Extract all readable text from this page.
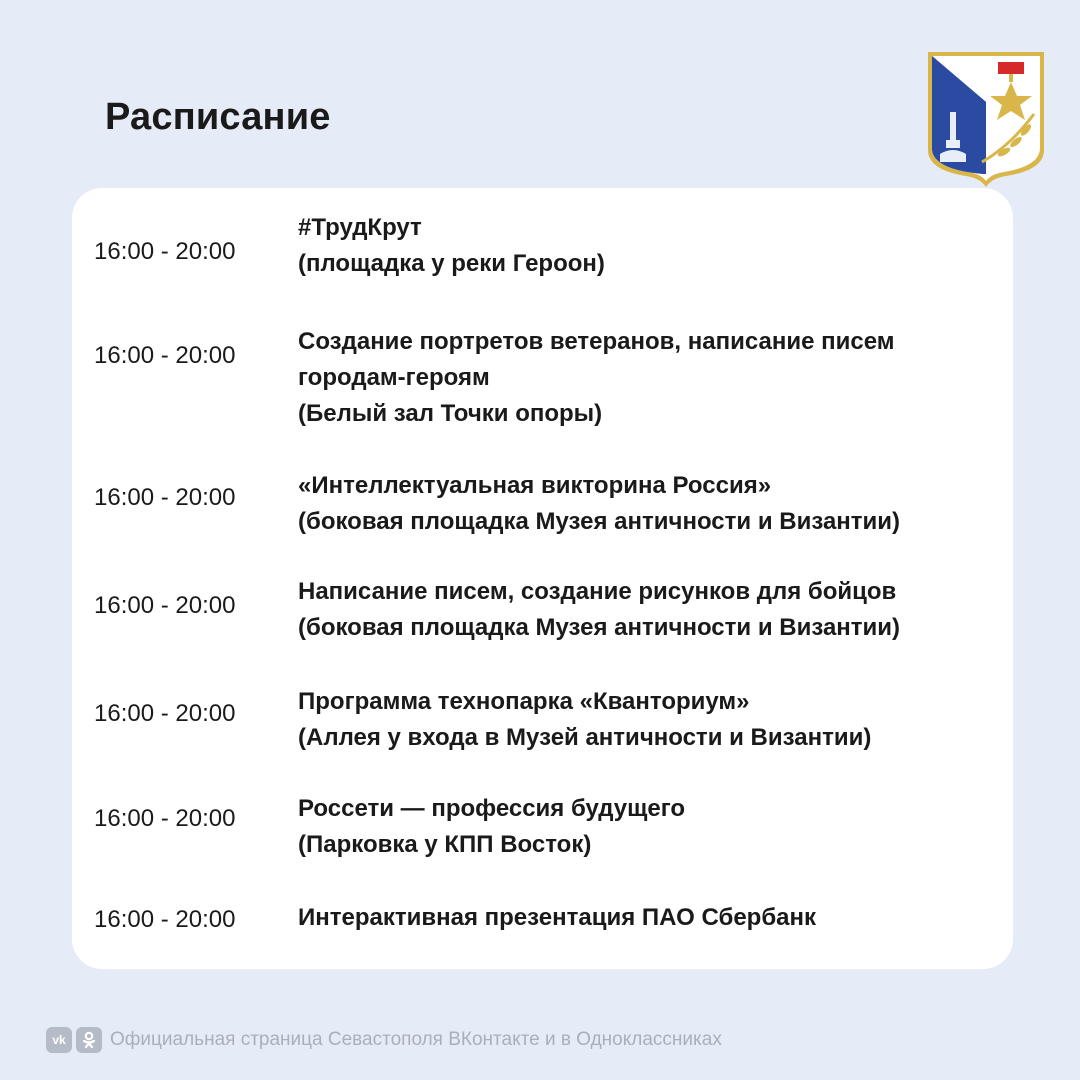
Расписание
16:00 - 20:00
#ТрудКрут
(площадка у реки Героон)
16:00 - 20:00
Создание портретов ветеранов, написание писем
городам-героям
(Белый зал Точки опоры)
16:00 - 20:00	«Интеллектуальная викторина Россия»
(боковая площадка Музея античности и Византии)
16:00 - 20:00
Написание писем, создание рисунков для бойцов
(боковая площадка Музея античности и Византии)
16:00 - 20:00	Программа технопарка «Кванториум»
(Аллея у входа в Музей античности и Византии)
16:00 - 20:00	Россети — профессия будущего
(Парковка у КПП Восток)
16:00 - 20:00	Интерактивная презентация ПАО Сбербанк
vk	Официальная страница Севастополя ВКонтакте и в Одноклассниках
